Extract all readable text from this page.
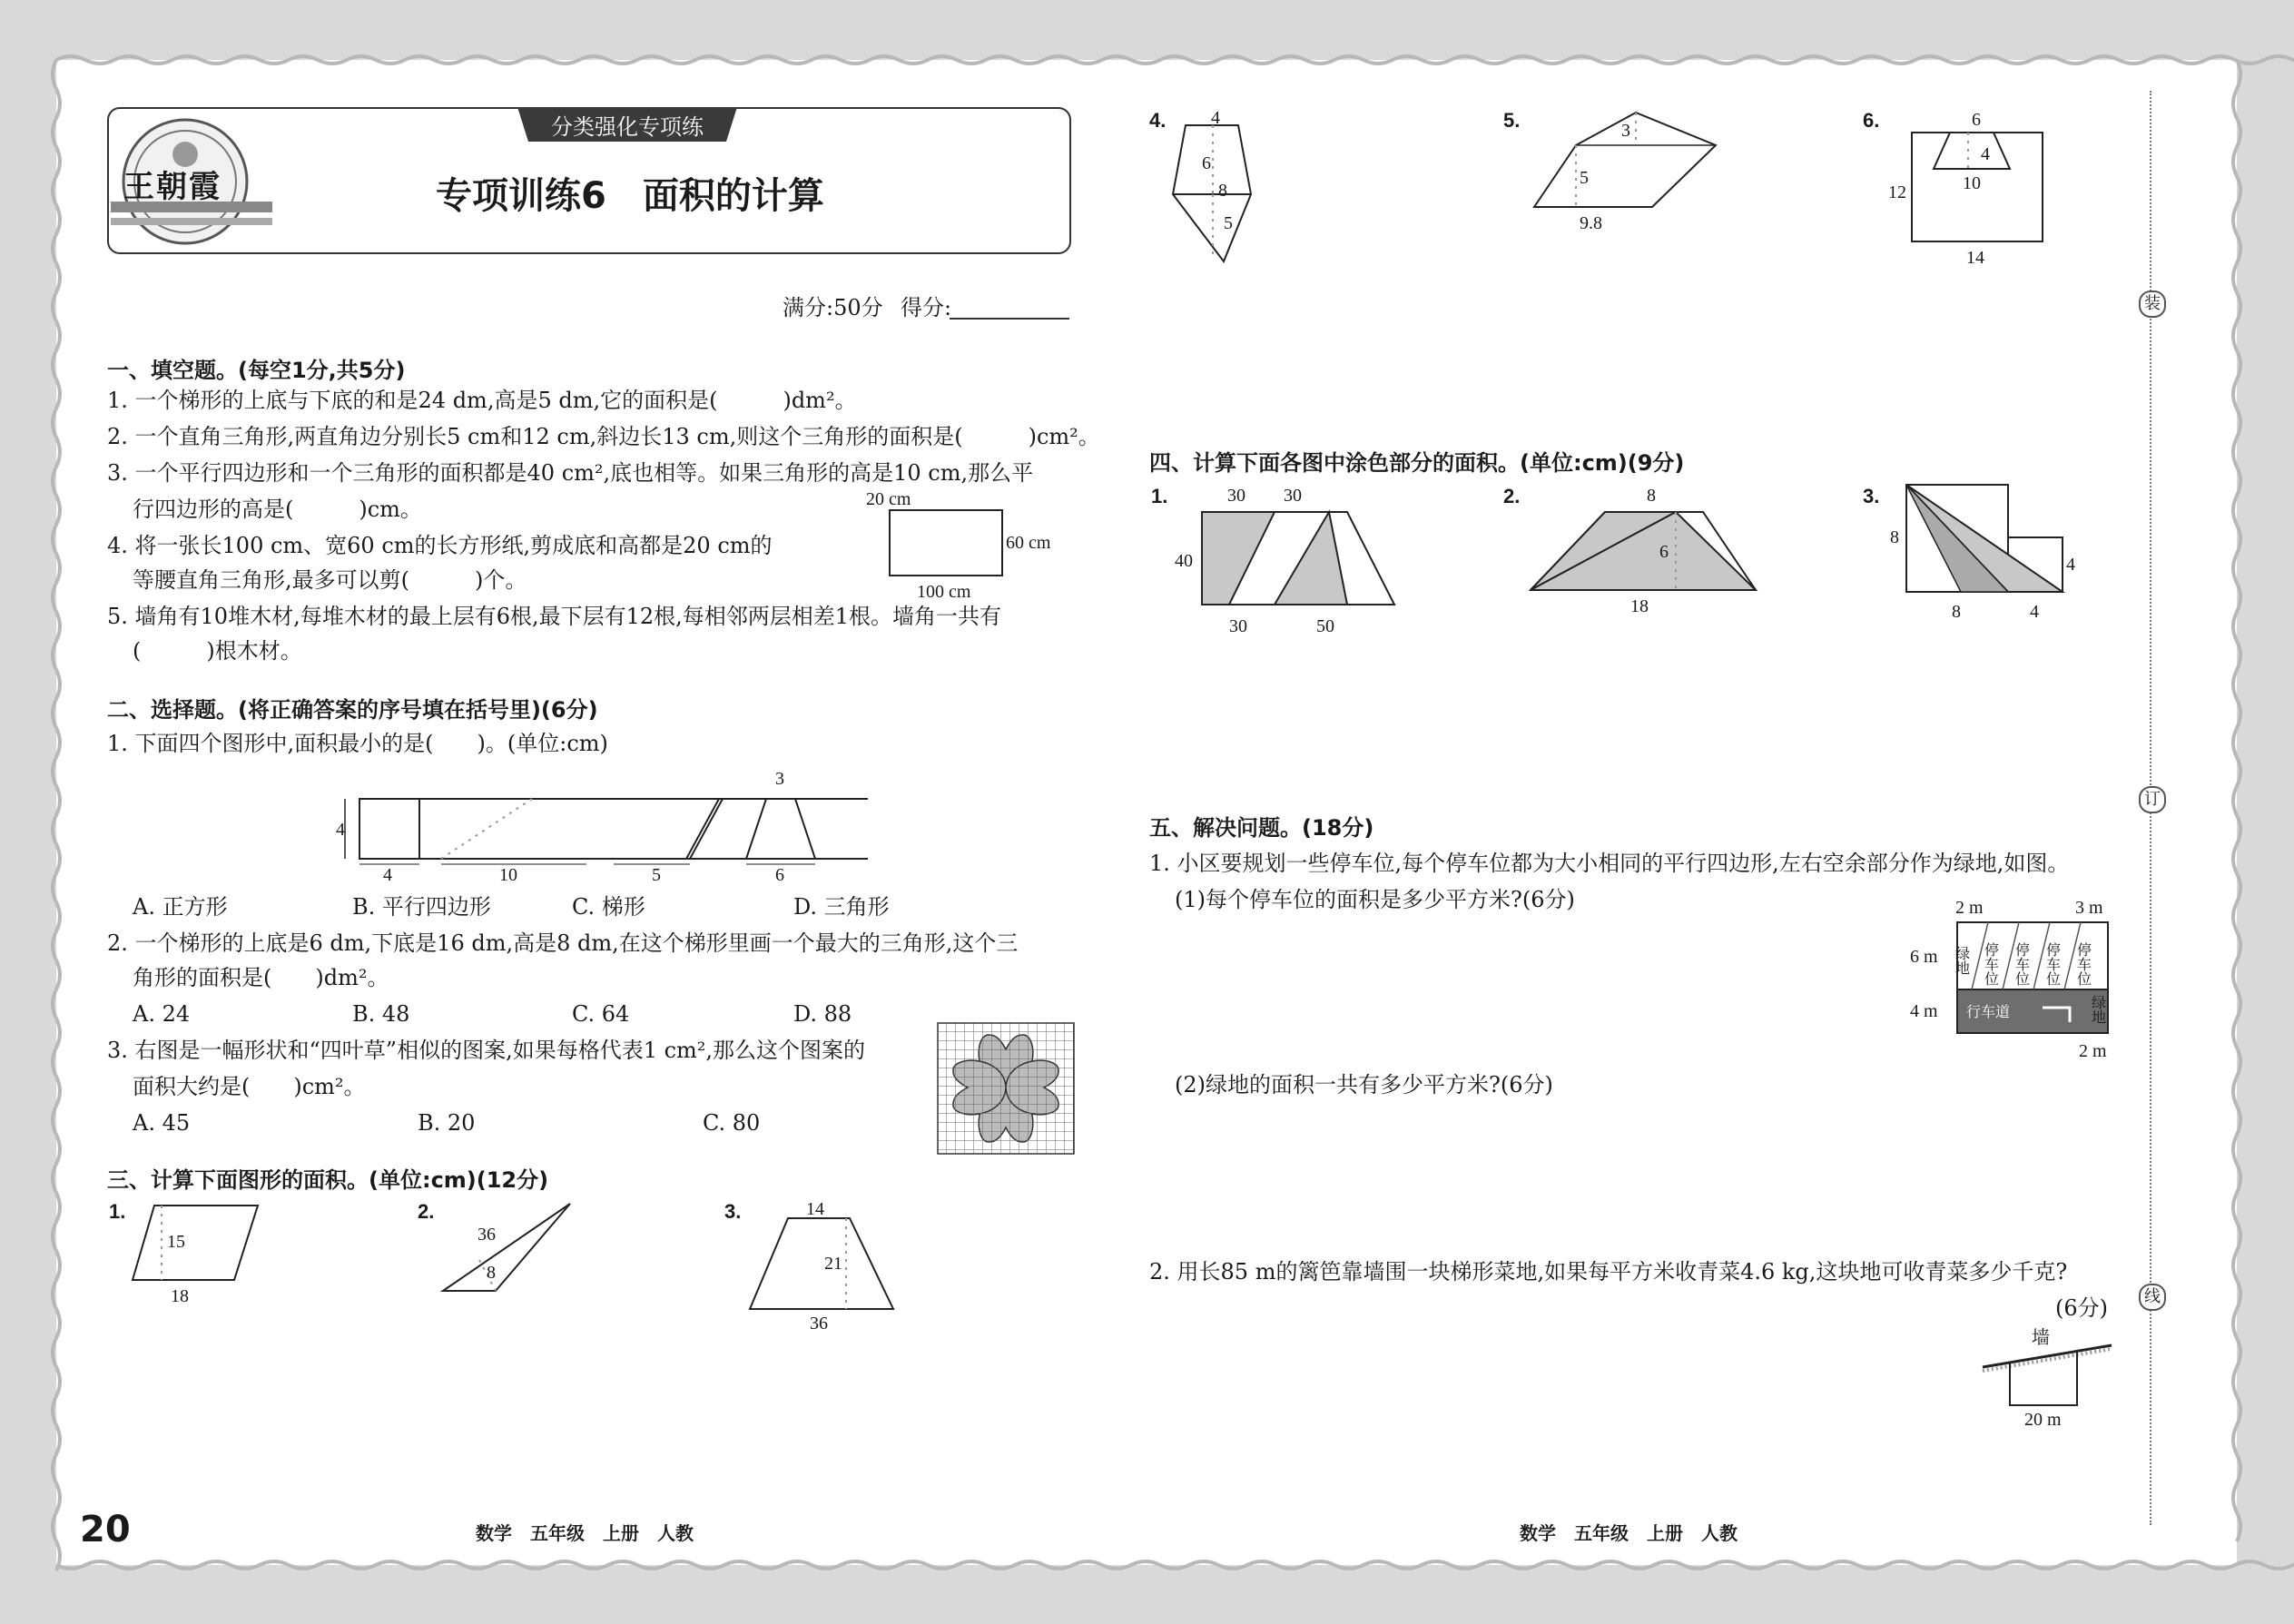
分类强化专项练
王朝霞	专项训练6　面积的计算
满分:50分 得分:
一、填空题。(每空1分,共5分)
1. 一个梯形的上底与下底的和是24 dm,高是5 dm,它的面积是(　　　)dm²。
2. 一个直角三角形,两直角边分别长5 cm和12 cm,斜边长13 cm,则这个三角形的面积是(　　　)cm²。
3. 一个平行四边形和一个三角形的面积都是40 cm²,底也相等。如果三角形的高是10 cm,那么平
行四边形的高是(　　　)cm。
4. 将一张长100 cm、宽60 cm的长方形纸,剪成底和高都是20 cm的
等腰直角三角形,最多可以剪(　　　)个。
5. 墙角有10堆木材,每堆木材的最上层有6根,最下层有12根,每相邻两层相差1根。墙角一共有
(　　　)根木材。
20 cm
60 cm
100 cm
二、选择题。(将正确答案的序号填在括号里)(6分)
1. 下面四个图形中,面积最小的是(　　)。(单位:cm)
4
4	10	5	6
3
A. 正方形	B. 平行四边形	C. 梯形	D. 三角形
2. 一个梯形的上底是6 dm,下底是16 dm,高是8 dm,在这个梯形里画一个最大的三角形,这个三
角形的面积是(　　)dm²。
A. 24	B. 48	C. 64	D. 88
3. 右图是一幅形状和“四叶草”相似的图案,如果每格代表1 cm²,那么这个图案的
面积大约是(　　)cm²。
A. 45	B. 20	C. 80
三、计算下面图形的面积。(单位:cm)(12分)
1.
15
18
2.
36
8
3.	14
21
36
4. 4
6
8
5
5.	3
5
9.8
6.	6
4
10
12
14
四、计算下面各图中涂色部分的面积。(单位:cm)(9分)
1.	30 30
40
30	50
2.	8
6
18
3.
8
4
8	4
五、解决问题。(18分)
1. 小区要规划一些停车位,每个停车位都为大小相同的平行四边形,左右空余部分作为绿地,如图。
(1)每个停车位的面积是多少平方米?(6分)
(2)绿地的面积一共有多少平方米?(6分)
绿地 停车位 停车位 停车位 停车位
绿地
行车道
2 m	3 m
6 m
4 m
2 m
2. 用长85 m的篱笆靠墙围一块梯形菜地,如果每平方米收青菜4.6 kg,这块地可收青菜多少千克?
(6分)
墙
20 m
20	数学　五年级　上册　人教	数学　五年级　上册　人教
装
订
线
